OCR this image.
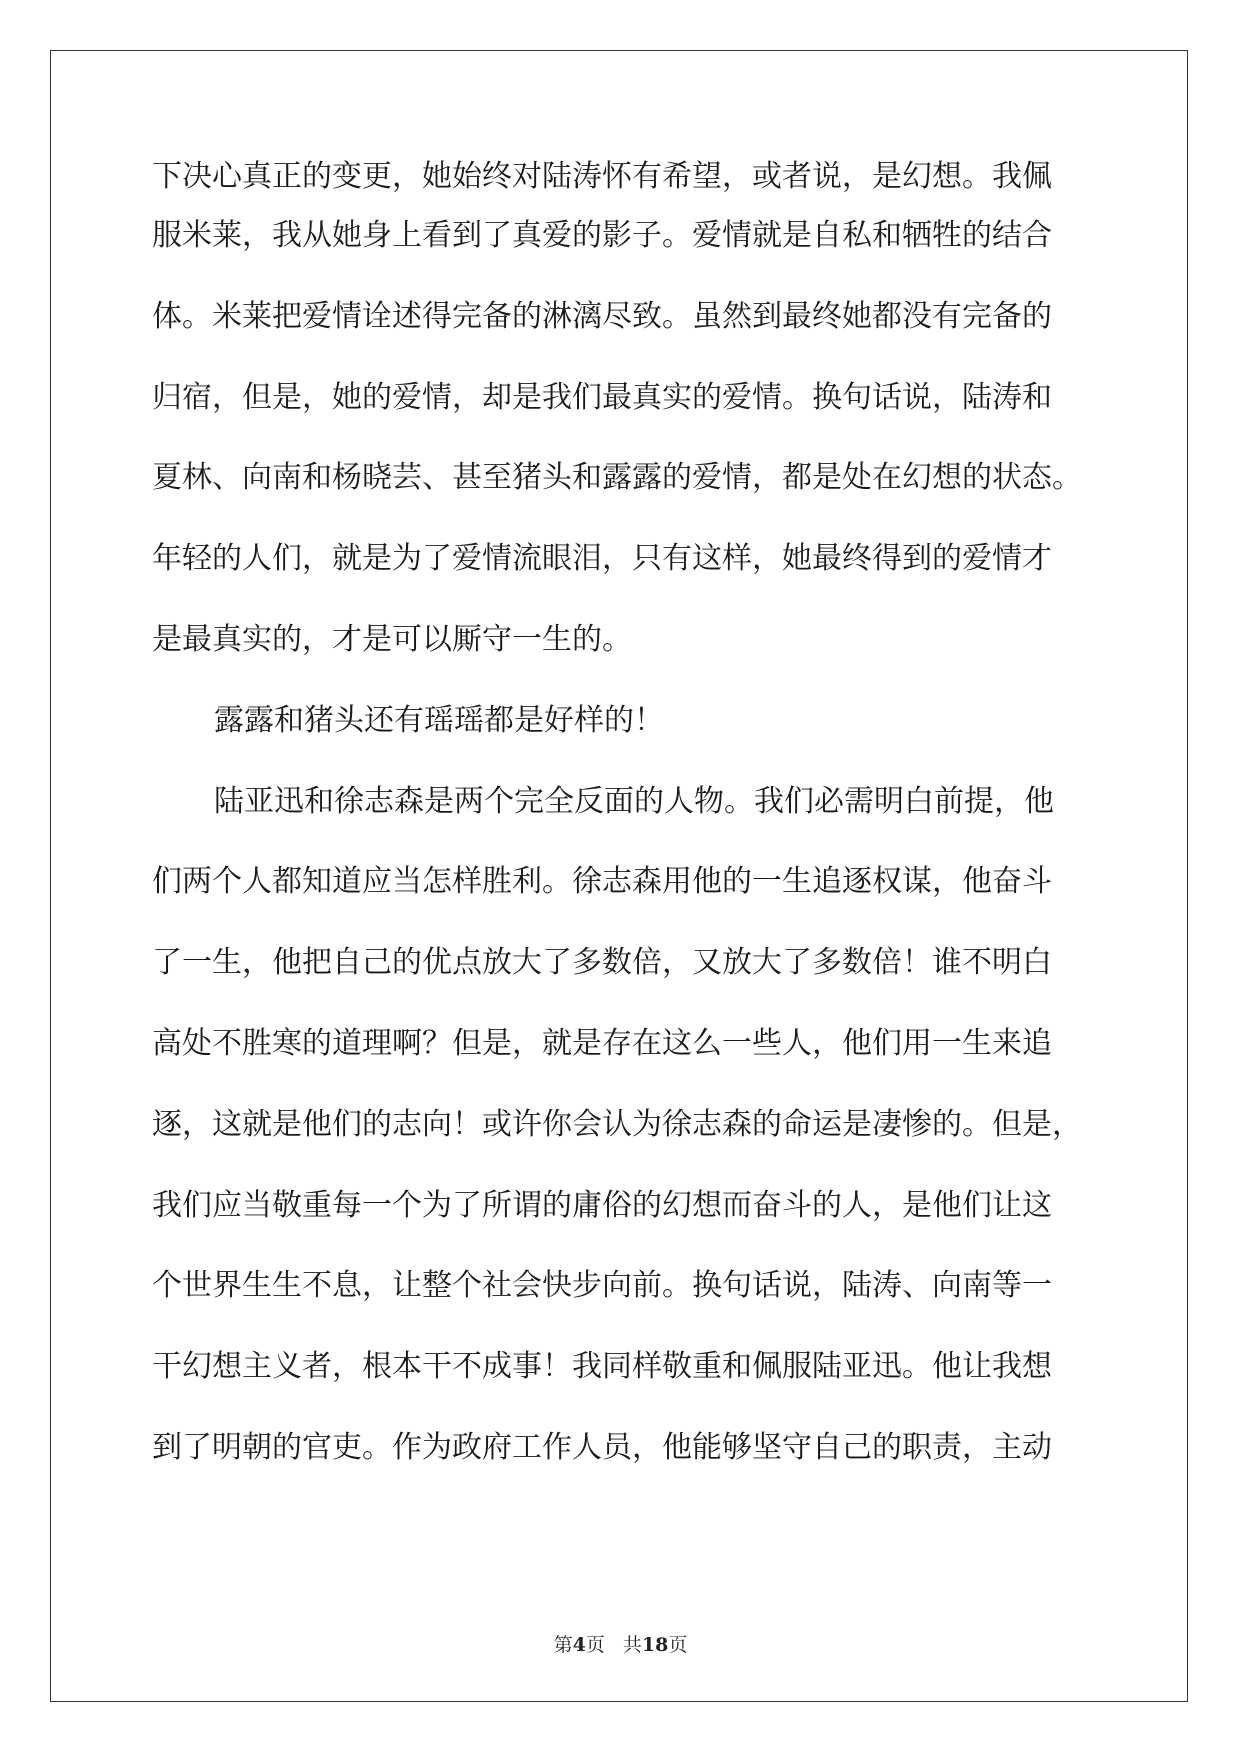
下决心真正的变更，她始终对陆涛怀有希望，或者说，是幻想。我佩

服米莱，我从她身上看到了真爱的影子。爱情就是自私和牺牲的结合

体。米莱把爱情诠述得完备的淋漓尽致。虽然到最终她都没有完备的

归宿，但是，她的爱情，却是我们最真实的爱情。换句话说，陆涛和

夏林、向南和杨晓芸、甚至猪头和露露的爱情，都是处在幻想的状态。

年轻的人们，就是为了爱情流眼泪，只有这样，她最终得到的爱情才

是最真实的，才是可以厮守一生的。

露露和猪头还有瑶瑶都是好样的！

陆亚迅和徐志森是两个完全反面的人物。我们必需明白前提，他

们两个人都知道应当怎样胜利。徐志森用他的一生追逐权谋，他奋斗

了一生，他把自己的优点放大了多数倍，又放大了多数倍！谁不明白

高处不胜寒的道理啊？但是，就是存在这么一些人，他们用一生来追

逐，这就是他们的志向！或许你会认为徐志森的命运是凄惨的。但是，

我们应当敬重每一个为了所谓的庸俗的幻想而奋斗的人，是他们让这

个世界生生不息，让整个社会快步向前。换句话说，陆涛、向南等一

干幻想主义者，根本干不成事！我同样敬重和佩服陆亚迅。他让我想

到了明朝的官吏。作为政府工作人员，他能够坚守自己的职责，主动

第4页 共18页
